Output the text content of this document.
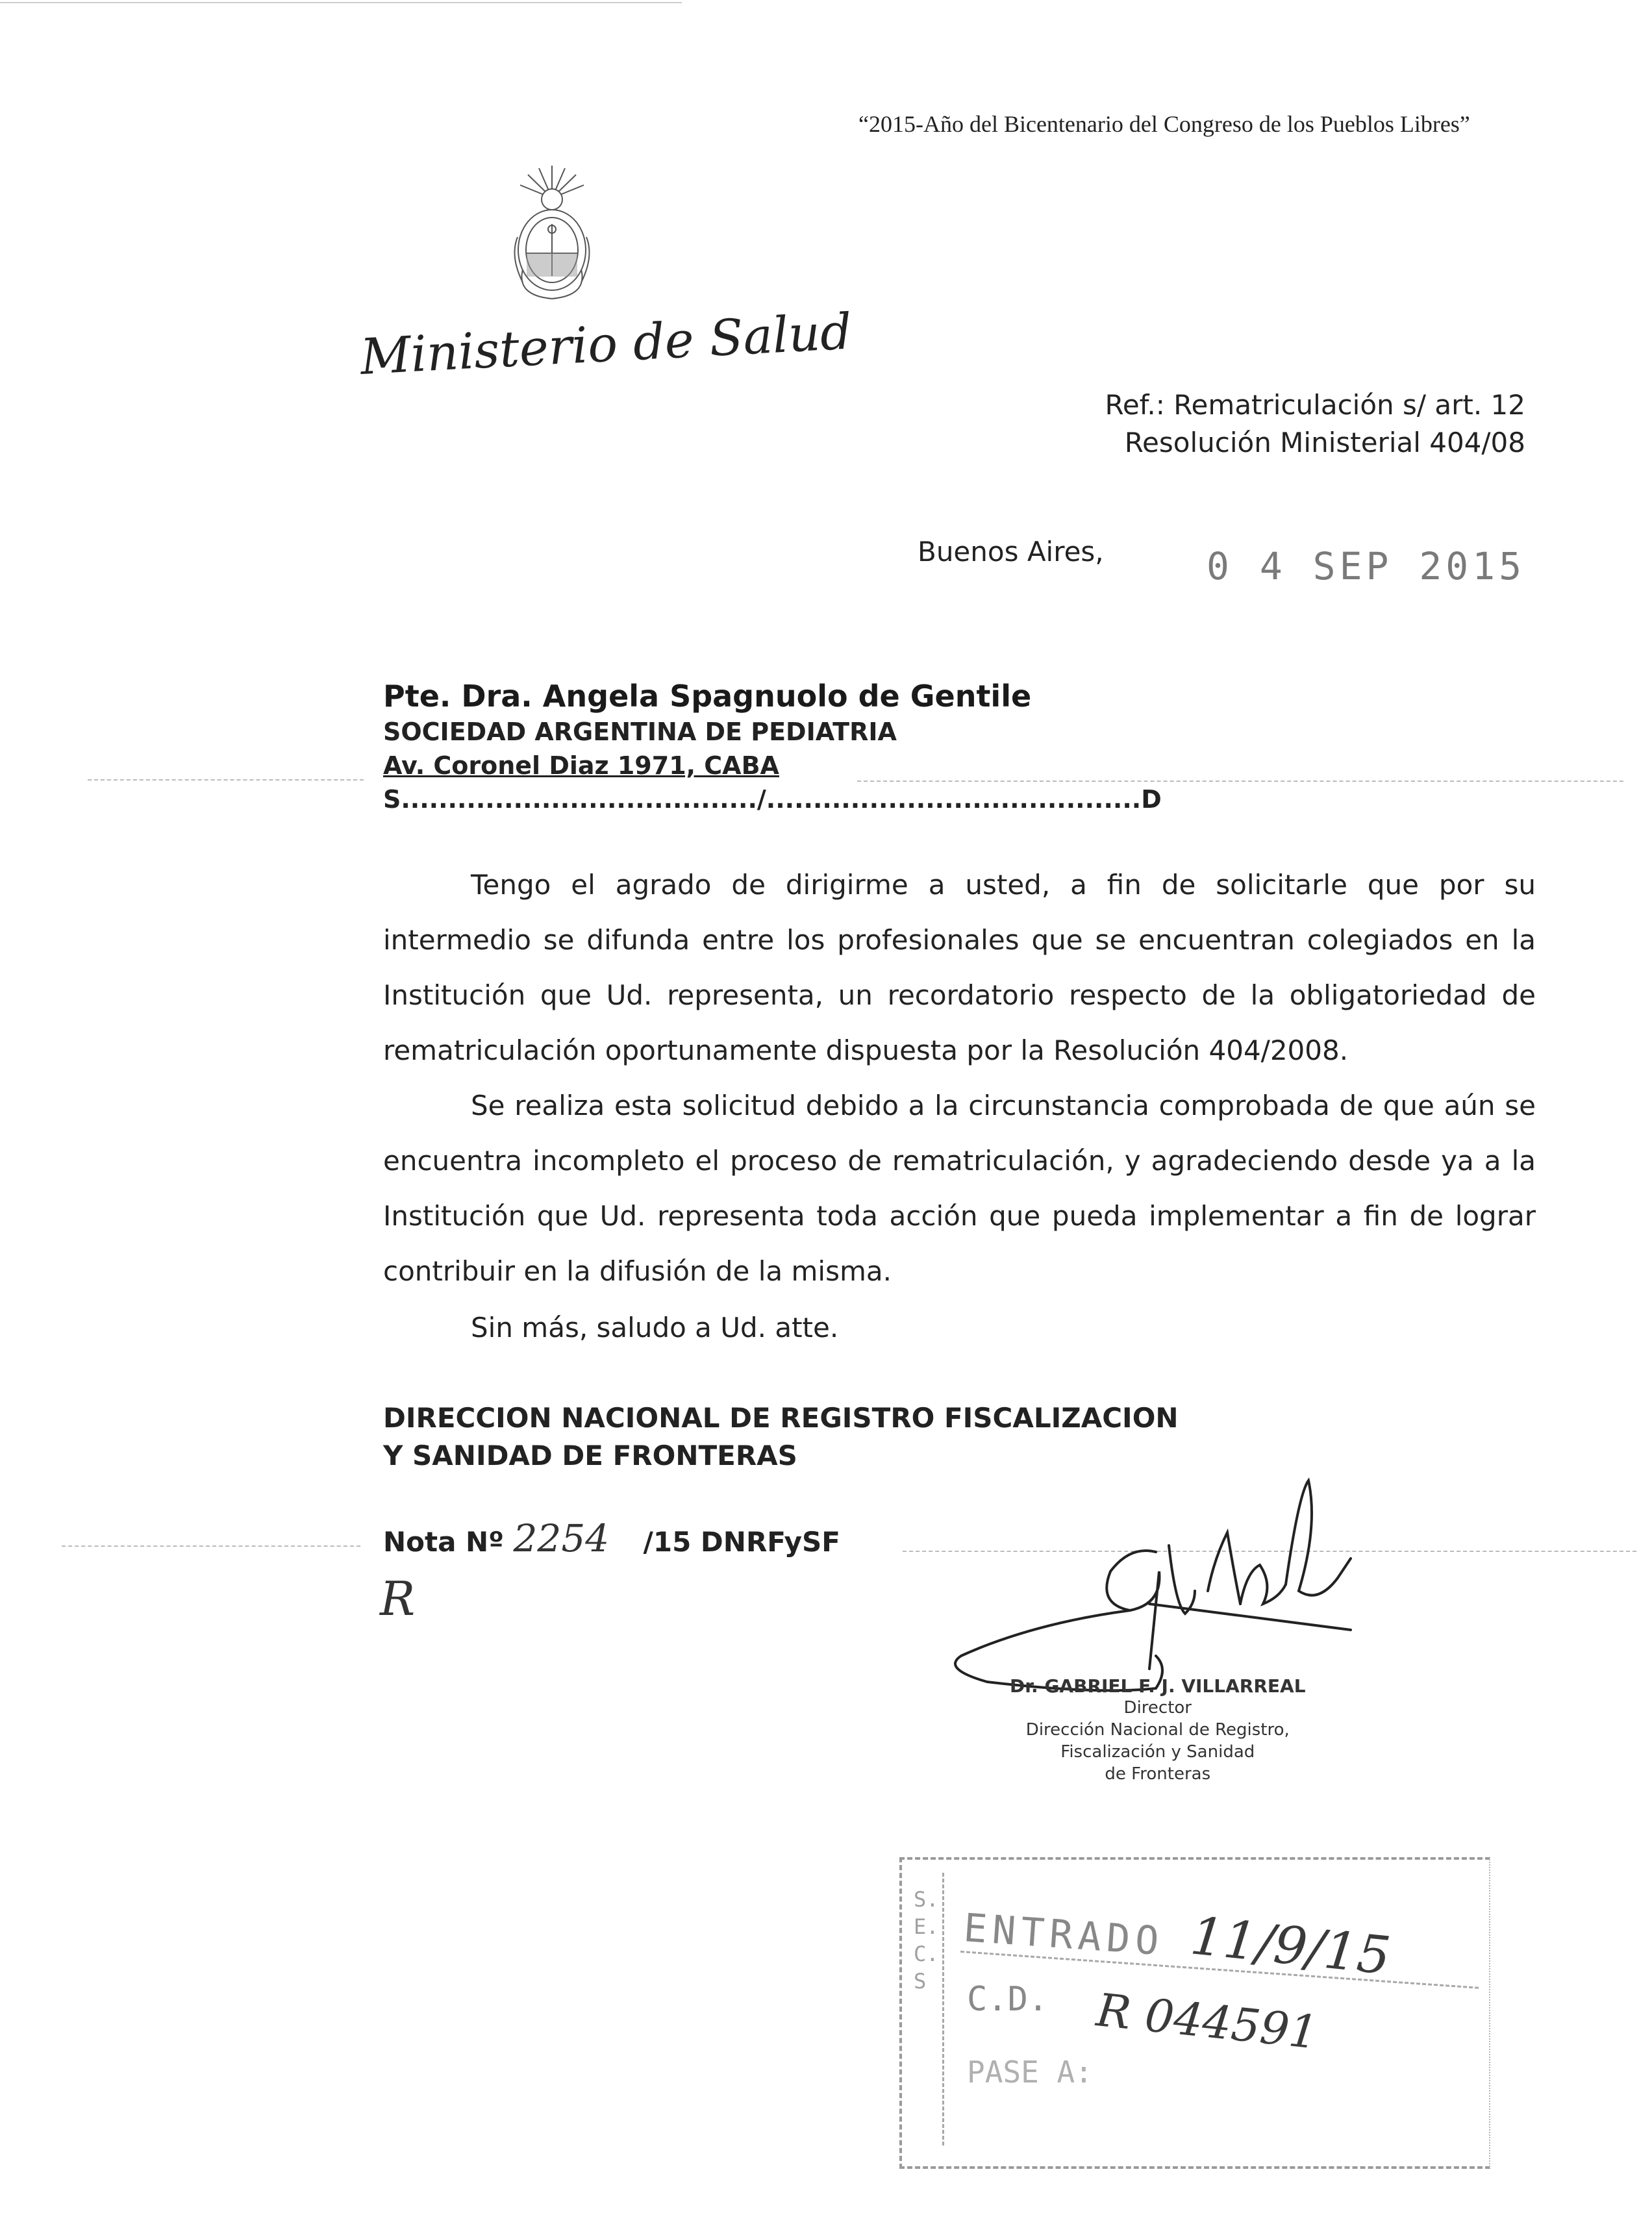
“2015-Año del Bicentenario del Congreso de los Pueblos Libres”
Ministerio de Salud
Ref.: Rematriculación s/ art. 12
Resolución Ministerial 404/08
Buenos Aires,	0 4 SEP 2015
Pte. Dra. Angela Spagnuolo de Gentile
SOCIEDAD ARGENTINA DE PEDIATRIA
Av. Coronel Diaz 1971, CABA
S....................................../........................................D

Tengo el agrado de dirigirme a usted, a fin de solicitarle que por su intermedio se difunda entre los profesionales que se encuentran colegiados en la Institución que Ud. representa, un recordatorio respecto de la obligatoriedad de rematriculación oportunamente dispuesta por la Resolución 404/2008.

Se realiza esta solicitud debido a la circunstancia comprobada de que aún se encuentra incompleto el proceso de rematriculación, y agradeciendo desde ya a la Institución que Ud. representa toda acción que pueda implementar a fin de lograr contribuir en la difusión de la misma.

Sin más, saludo a Ud. atte.
DIRECCION NACIONAL DE REGISTRO FISCALIZACION
Y SANIDAD DE FRONTERAS
Nota Nº 2254 /15 DNRFySF
R
Dr. GABRIEL F. J. VILLARREAL
Director
Dirección Nacional de Registro,
Fiscalización y Sanidad
de Fronteras
S.E.C.S
ENTRADO 11/9/15
C.D. R 044591
PASE A:
